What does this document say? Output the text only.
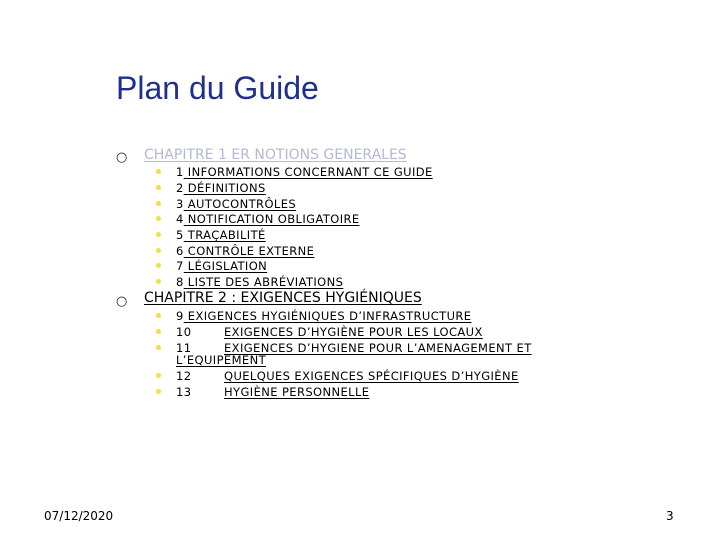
Plan du Guide
○ CHAPITRE 1 ER NOTIONS GENERALES
1 INFORMATIONS CONCERNANT CE GUIDE
2 DÉFINITIONS
3 AUTOCONTRÔLES
4 NOTIFICATION OBLIGATOIRE
5 TRAÇABILITÉ
6 CONTRÔLE EXTERNE
7 LÉGISLATION
8 LISTE DES ABRÉVIATIONS
○ CHAPITRE 2 : EXIGENCES HYGIÉNIQUES
9 EXIGENCES HYGIÉNIQUES D’INFRASTRUCTURE
10	EXIGENCES D’HYGIÈNE POUR LES LOCAUX
11	EXIGENCES D’HYGIENE POUR L’AMENAGEMENT ET
L’EQUIPEMENT
12	QUELQUES EXIGENCES SPÉCIFIQUES D’HYGIÈNE
13	HYGIÈNE PERSONNELLE
07/12/2020	3
